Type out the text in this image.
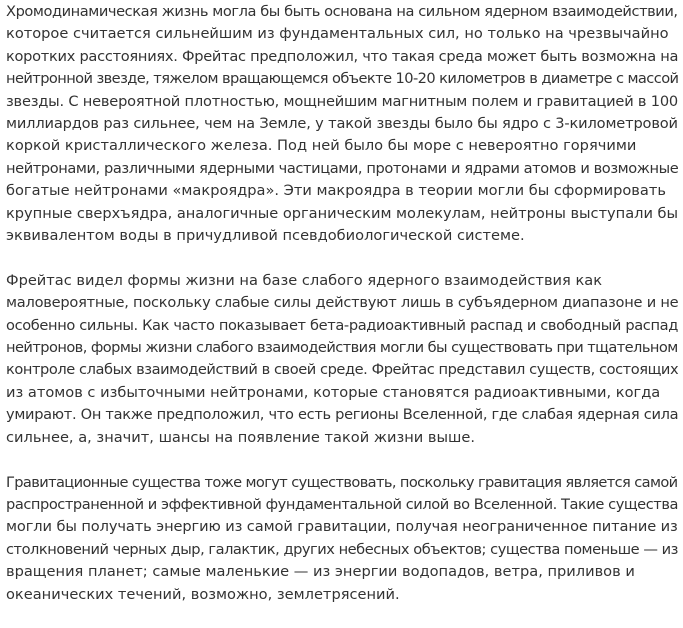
Хромодинамическая жизнь могла бы быть основана на сильном ядерном взаимодействии,
которое считается сильнейшим из фундаментальных сил, но только на чрезвычайно
коротких расстояниях. Фрейтас предположил, что такая среда может быть возможна на
нейтронной звезде, тяжелом вращающемся объекте 10-20 километров в диаметре с массой
звезды. С невероятной плотностью, мощнейшим магнитным полем и гравитацией в 100
миллиардов раз сильнее, чем на Земле, у такой звезды было бы ядро с 3-километровой
коркой кристаллического железа. Под ней было бы море с невероятно горячими
нейтронами, различными ядерными частицами, протонами и ядрами атомов и возможные
богатые нейтронами «макроядра». Эти макроядра в теории могли бы сформировать
крупные сверхъядра, аналогичные органическим молекулам, нейтроны выступали бы
эквивалентом воды в причудливой псевдобиологической системе.

Фрейтас видел формы жизни на базе слабого ядерного взаимодействия как
маловероятные, поскольку слабые силы действуют лишь в субъядерном диапазоне и не
особенно сильны. Как часто показывает бета-радиоактивный распад и свободный распад
нейтронов, формы жизни слабого взаимодействия могли бы существовать при тщательном
контроле слабых взаимодействий в своей среде. Фрейтас представил существ, состоящих
из атомов с избыточными нейтронами, которые становятся радиоактивными, когда
умирают. Он также предположил, что есть регионы Вселенной, где слабая ядерная сила
сильнее, а, значит, шансы на появление такой жизни выше.

Гравитационные существа тоже могут существовать, поскольку гравитация является самой
распространенной и эффективной фундаментальной силой во Вселенной. Такие существа
могли бы получать энергию из самой гравитации, получая неограниченное питание из
столкновений черных дыр, галактик, других небесных объектов; существа поменьше — из
вращения планет; самые маленькие — из энергии водопадов, ветра, приливов и
океанических течений, возможно, землетрясений.
